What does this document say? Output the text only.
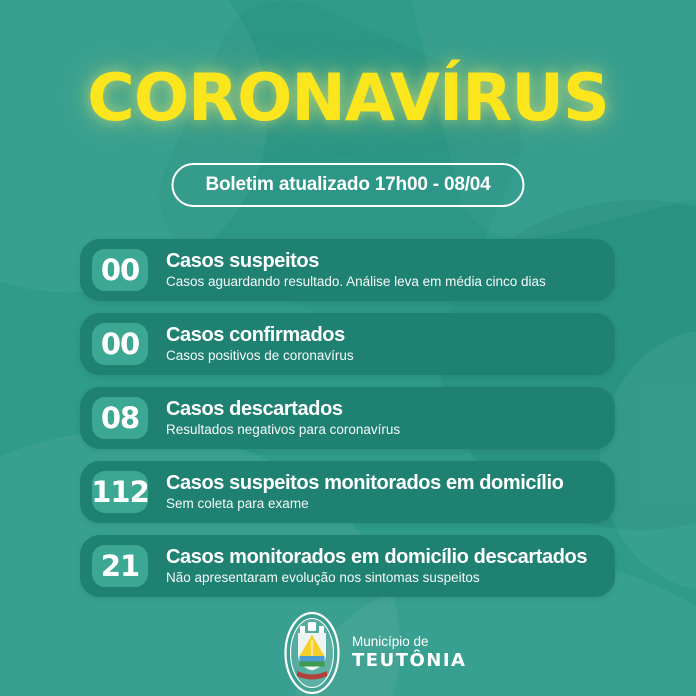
CORONAVÍRUS
Boletim atualizado 17h00 - 08/04
00	Casos suspeitos
Casos aguardando resultado. Análise leva em média cinco dias
00	Casos confirmados
Casos positivos de coronavírus
08	Casos descartados
Resultados negativos para coronavírus
112 Casos suspeitos monitorados em domicílio
Sem coleta para exame
21	Casos monitorados em domicílio descartados
Não apresentaram evolução nos sintomas suspeitos
Município de
TEUTÔNIA
